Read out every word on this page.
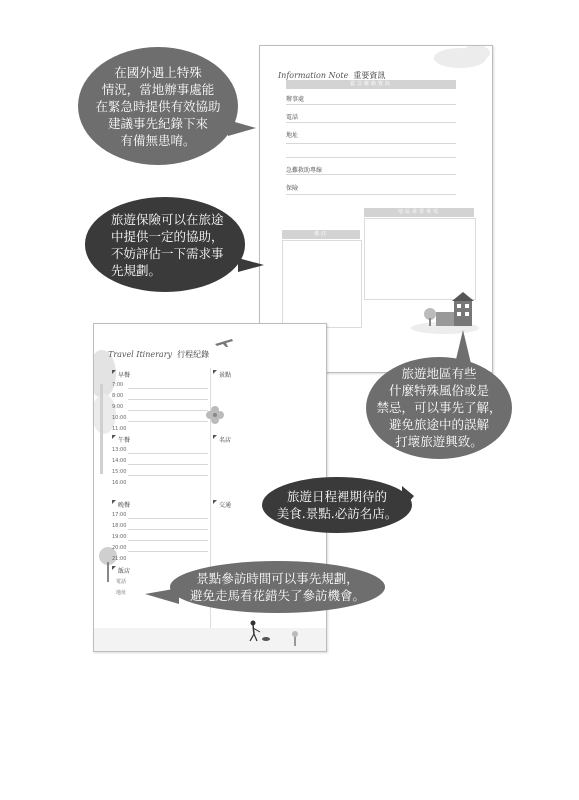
Information Note 重要資訊
緊急聯絡資訊
辦事處
電話
地址
急難救助專線
保險
地區重要事項
備註
Travel Itinerary 行程紀錄
早餐
7:00
8:00
9:00
10:00
11:00
午餐
13:00
14:00
15:00
16:00
晚餐
17:00
18:00
19:00
20:00
21:00
飯店
電話
地址
景點
名店
交通
在國外遇上特殊
情況，當地辦事處能
在緊急時提供有效協助
建議事先紀錄下來
有備無患唷。
旅遊保險可以在旅途
中提供一定的協助，
不妨評估一下需求事
先規劃。
旅遊地區有些
什麼特殊風俗或是
禁忌，可以事先了解，
避免旅途中的誤解
打壞旅遊興致。
旅遊日程裡期待的
美食.景點.必訪名店。
景點參訪時間可以事先規劃，
避免走馬看花錯失了參訪機會。
